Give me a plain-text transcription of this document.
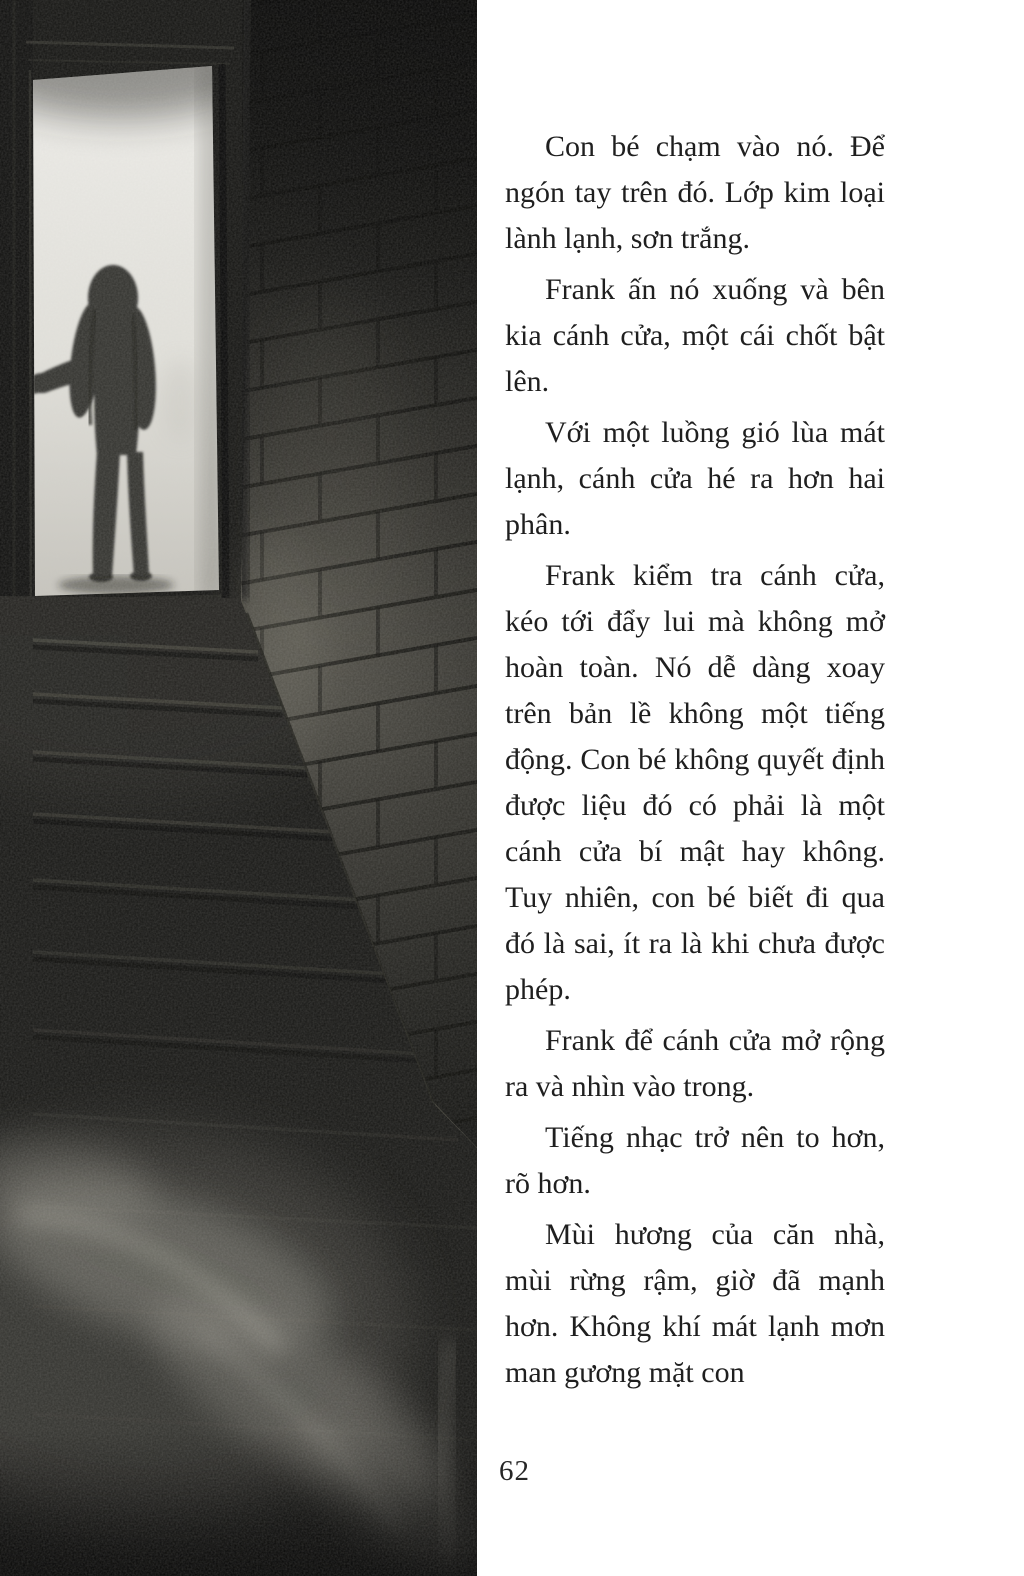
Con bé chạm vào nó. Để ngón tay trên đó. Lớp kim loại lành lạnh, sơn trắng.

Frank ấn nó xuống và bên kia cánh cửa, một cái chốt bật lên.

Với một luồng gió lùa mát lạnh, cánh cửa hé ra hơn hai phân.

Frank kiểm tra cánh cửa, kéo tới đẩy lui mà không mở hoàn toàn. Nó dễ dàng xoay trên bản lề không một tiếng động. Con bé không quyết định được liệu đó có phải là một cánh cửa bí mật hay không. Tuy nhiên, con bé biết đi qua đó là sai, ít ra là khi chưa được phép.

Frank để cánh cửa mở rộng ra và nhìn vào trong.

Tiếng nhạc trở nên to hơn, rõ hơn.

Mùi hương của căn nhà, mùi rừng rậm, giờ đã mạnh hơn. Không khí mát lạnh mơn man gương mặt con

62
